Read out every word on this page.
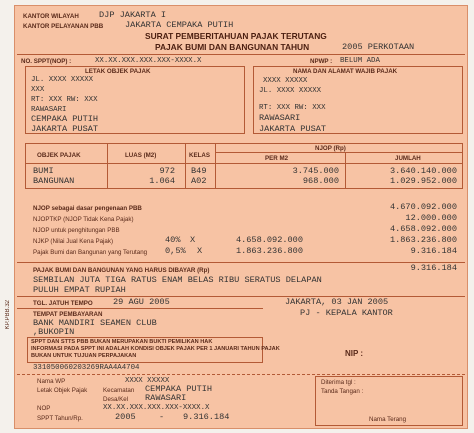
KANTOR WILAYAH DJP JAKARTA I
KANTOR PELAYANAN PBB	JAKARTA CEMPAKA PUTIH
SURAT PEMBERITAHUAN PAJAK TERUTANG
PAJAK BUMI DAN BANGUNAN TAHUN	2005 PERKOTAAN
NO. SPPT(NOP) :	XX.XX.XXX.XXX.XXX-XXXX.X	NPWP : BELUM ADA
LETAK OBJEK PAJAK	NAMA DAN ALAMAT WAJIB PAJAK
JL. XXXX XXXXX
XXX
RT: XXX RW: XXX
RAWASARI
CEMPAKA PUTIH
JAKARTA PUSAT
XXXX XXXXX
JL. XXXX XXXXX
RT: XXX RW: XXX
RAWASARI
JAKARTA PUSAT
OBJEK PAJAK	LUAS (M2)	KELAS
NJOP (Rp)
PER M2	JUMLAH
BUMI	972 B49	3.745.000	3.640.140.000
BANGUNAN	1.064 A02	968.000	1.029.952.000
NJOP sebagai dasar pengenaan PBB	4.670.092.000
NJOPTKP (NJOP Tidak Kena Pajak)	12.000.000
NJOP untuk penghitungan PBB	4.658.092.000
NJKP (Nilai Jual Kena Pajak)	40% X	4.658.092.000	1.863.236.800
Pajak Bumi dan Bangunan yang Terutang 0,5% X	1.863.236.800	9.316.184
PAJAK BUMI DAN BANGUNAN YANG HARUS DIBAYAR (Rp)	9.316.184
SEMBILAN JUTA TIGA RATUS ENAM BELAS RIBU SERATUS DELAPAN
PULUH EMPAT RUPIAH
TGL. JATUH TEMPO 29 AGU 2005	JAKARTA, 03 JAN 2005
TEMPAT PEMBAYARAN	PJ - KEPALA KANTOR
BANK MANDIRI SEAMEN CLUB
,BUKOPIN
SPPT DAN STTS PBB BUKAN MERUPAKAN BUKTI PEMILIKAN HAK
INFORMASI PADA SPPT INI ADALAH KONDISI OBJEK PAJAK PER 1 JANUARI TAHUN PAJAK
BUKAN UNTUK TUJUAN PERPAJAKAN	NIP :
331050060203269RAA4A4704
Nama WP	XXXX XXXXX
Letak Objek Pajak	Kecamatan CEMPAKA PUTIH
Desa/Kel RAWASARI
NOP	XX.XX.XXX.XXX.XXX-XXXX.X
SPPT Tahun/Rp.	2005	- 9.316.184
Diterima tgl :
Tanda Tangan :
Nama Terang
KP.PBB.32
